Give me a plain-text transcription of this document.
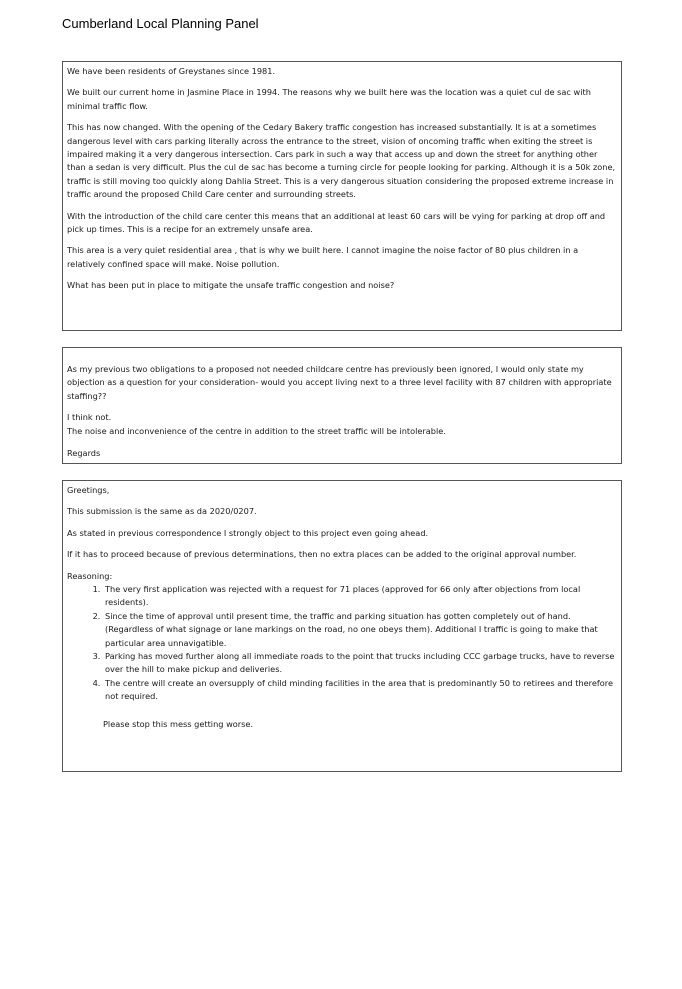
Cumberland Local Planning Panel

We have been residents of Greystanes since 1981.

We built our current home in Jasmine Place in 1994. The reasons why we built here was the location was a quiet cul de sac with minimal traffic flow.

This has now changed. With the opening of the Cedary Bakery traffic congestion has increased substantially. It is at a sometimes dangerous level with cars parking literally across the entrance to the street, vision of oncoming traffic when exiting the street is impaired making it a very dangerous intersection. Cars park in such a way that access up and down the street for anything other than a sedan is very difficult. Plus the cul de sac has become a turning circle for people looking for parking. Although it is a 50k zone, traffic is still moving too quickly along Dahlia Street. This is a very dangerous situation considering the proposed extreme increase in traffic around the proposed Child Care center and surrounding streets.

With the introduction of the child care center this means that an additional at least 60 cars will be vying for parking at drop off and pick up times. This is a recipe for an extremely unsafe area.

This area is a very quiet residential area , that is why we built here. I cannot imagine the noise factor of 80 plus children in a relatively confined space will make. Noise pollution.

What has been put in place to mitigate the unsafe traffic congestion and noise?

As my previous two obligations to a proposed not needed childcare centre has previously been ignored, I would only state my objection as a question for your consideration- would you accept living next to a three level facility with 87 children with appropriate staffing??

I think not.
The noise and inconvenience of the centre in addition to the street traffic will be intolerable.
Regards

Greetings,

This submission is the same as da 2020/0207.

As stated in previous correspondence I strongly object to this project even going ahead.

If it has to proceed because of previous determinations, then no extra places can be added to the original approval number.

Reasoning:
1. The very first application was rejected with a request for 71 places (approved for 66 only after objections from local residents).
2. Since the time of approval until present time, the traffic and parking situation has gotten completely out of hand. (Regardless of what signage or lane markings on the road, no one obeys them). Additional I traffic is going to make that particular area unnavigatible.
3. Parking has moved further along all immediate roads to the point that trucks including CCC garbage trucks, have to reverse over the hill to make pickup and deliveries.
4. The centre will create an oversupply of child minding facilities in the area that is predominantly 50 to retirees and therefore not required.
Please stop this mess getting worse.
